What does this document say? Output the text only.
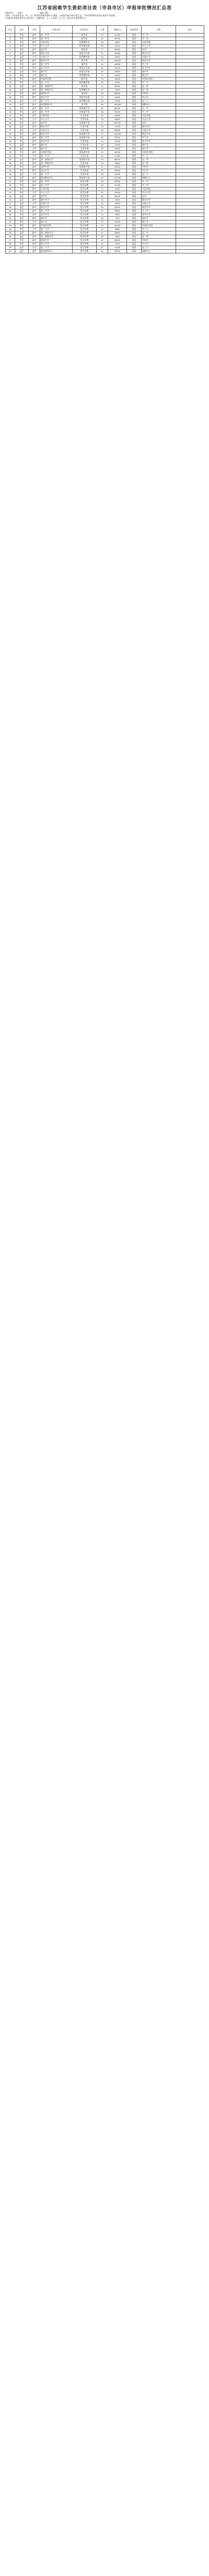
江苏省困难学生资助项目表（市县市区）申报审批情况汇总表
填报单位：（盖章）　　　　　　　　填报日期：
说明：1.本表由各县（市、区）教育局资助管理中心填报；2.按照学校名称分类汇总；3.如有特殊情况请在备注栏中说明。
4.资助标准按照省有关文件执行，金额单位：元；5.本表一式三份，报送市资助管理中心。
序号	县区	学段	学校名称	资助项目	人数	金额(元)	审批意见	学校	备注
1	市区	高中	第一中学	助学金	42	44100	同意	市一中	
2	市区	高中	第二中学	助学金	35	36750	同意	市二中	
3	市区	初中	实验学校	免费教科书	28	5600	同意	实验学校	
4	市区	小学	中心小学	营养餐补助	56	11200	同意	中心小学	
5	县区	高中	县中学	助学金	47	49350	同意	县中	
6	县区	初中	城关中学	寄宿生补助	31	15500	同意	城关中学	
7	县区	小学	实验小学	营养餐补助	64	12800	同意	实验小学	
8	县区	高中	职业中学	免学费	52	104000	同意	职业中学	
9	市区	高中	第三中学	助学金	39	40950	同意	市三中	
10	市区	初中	育才中学	寄宿生补助	26	13000	同意	育才中学	
11	县区	初中	镇中学	寄宿生补助	33	16500	同意	镇中学	
12	县区	小学	镇小学	营养餐补助	71	14200	同意	镇小学	
13	市区	高中	外国语学校	助学金	18	18900	同意	外国语学校	
14	市区	小学	第二小学	营养餐补助	45	9000	同意	市二小	
15	县区	高中	第二高级中学	助学金	41	43050	同意	县二中	
16	县区	初中	第二初级中学	免费教科书	37	7400	同意	县二初	
17	市区	高中	第四中学	助学金	33	34650	同意	市四中	
18	市区	初中	第五中学	寄宿生补助	22	11000	同意	市五中	
19	县区	小学	第二小学	营养餐补助	58	11600	同意	县二小	
20	县区	高中	职业教育中心	免学费	66	132000	同意	职教中心	
21	市区	高中	第一中学	国家助学金	44	88000	同意	市一中	
22	市区	高中	第二中学	国家助学金	38	76000	同意	市二中	
23	市区	初中	实验学校	生活补助	30	15000	同意	实验学校	
24	市区	小学	中心小学	生活补助	49	24500	同意	中心小学	
25	县区	高中	县中学	国家助学金	51	102000	同意	县中	
26	县区	初中	城关中学	生活补助	34	17000	同意	城关中学	
27	县区	小学	实验小学	生活补助	60	30000	同意	实验小学	
28	县区	高中	职业中学	国家助学金	57	114000	同意	职业中学	
29	市区	高中	第三中学	国家助学金	36	72000	同意	市三中	
30	市区	初中	育才中学	生活补助	24	12000	同意	育才中学	
31	县区	初中	镇中学	生活补助	35	17500	同意	镇中学	
32	县区	小学	镇小学	生活补助	68	34000	同意	镇小学	
33	市区	高中	外国语学校	国家助学金	20	40000	同意	外国语学校	
34	市区	小学	第二小学	生活补助	42	21000	同意	市二小	
35	县区	高中	第二高级中学	国家助学金	43	86000	同意	县二中	
36	县区	初中	第二初级中学	生活补助	39	19500	同意	县二初	
37	市区	高中	第四中学	国家助学金	31	62000	同意	市四中	
38	市区	初中	第五中学	生活补助	25	12500	同意	市五中	
39	县区	小学	第二小学	生活补助	55	27500	同意	县二小	
40	县区	高中	职业教育中心	国家助学金	62	124000	同意	职教中心	
41	市区	高中	第一中学	免学杂费	40	32000	同意	市一中	
42	市区	高中	第二中学	免学杂费	34	27200	同意	市二中	
43	市区	初中	实验学校	免学杂费	27	5400	同意	实验学校	
44	市区	小学	中心小学	免学杂费	52	10400	同意	中心小学	
45	县区	高中	县中学	免学杂费	48	38400	同意	县中	
46	县区	初中	城关中学	免学杂费	32	6400	同意	城关中学	
47	县区	小学	实验小学	免学杂费	63	12600	同意	实验小学	
48	县区	高中	职业中学	免学杂费	54	43200	同意	职业中学	
49	市区	高中	第三中学	免学杂费	37	29600	同意	市三中	
50	市区	初中	育才中学	免学杂费	23	4600	同意	育才中学	
51	县区	初中	镇中学	免学杂费	36	7200	同意	镇中学	
52	县区	小学	镇小学	免学杂费	70	14000	同意	镇小学	
53	市区	高中	外国语学校	免学杂费	19	15200	同意	外国语学校	
54	市区	小学	第二小学	免学杂费	44	8800	同意	市二小	
55	县区	高中	第二高级中学	免学杂费	42	33600	同意	县二中	
56	县区	初中	第二初级中学	免学杂费	38	7600	同意	县二初	
57	市区	高中	第四中学	免学杂费	32	25600	同意	市四中	
58	市区	初中	第五中学	免学杂费	21	4200	同意	市五中	
59	县区	小学	第二小学	免学杂费	57	11400	同意	县二小	
60	县区	高中	职业教育中心	免学杂费	65	52000	同意	职教中心	
